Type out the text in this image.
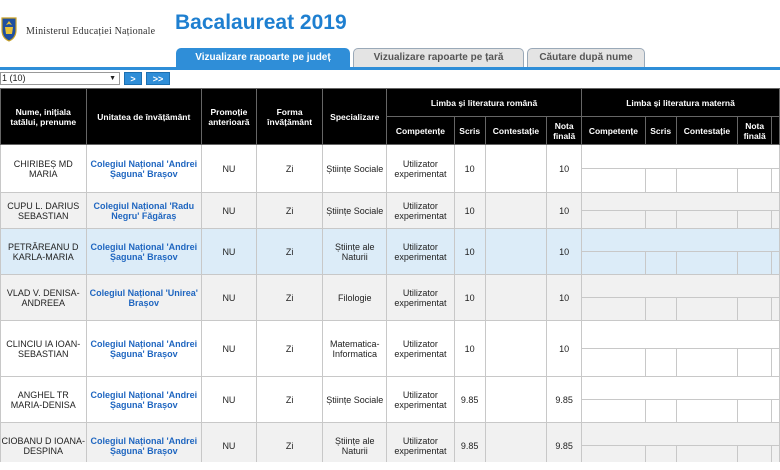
Ministerul Educației Naționale Bacalaureat 2019
Vizualizare rapoarte pe județ	Vizualizare rapoarte pe țară	Căutare după nume
1 (10)	▼	>	>>
Nume, inițiala tatălui, prenume	Unitatea de învățământ	Promoție anterioară	Forma învățământ	Specializare	Limba și literatura română				Limba și literatura maternă				
					Competențe	Scris	Contestație	Nota finală	Competențe	Scris	Contestație	Nota finală	
CHIRIBEȘ MD MARIA	Colegiul Național 'Andrei Șaguna' Brașov	NU	Zi	Științe Sociale	Utilizator experimentat	10		10					

CUPU L. DARIUS SEBASTIAN	Colegiul Național 'Radu Negru' Făgăraș	NU	Zi	Științe Sociale	Utilizator experimentat	10		10					

PETRĂREANU D KARLA-MARIA	Colegiul Național 'Andrei Șaguna' Brașov	NU	Zi	Științe ale Naturii	Utilizator experimentat	10		10					

VLAD V. DENISA-ANDREEA	Colegiul Național 'Unirea' Brașov	NU	Zi	Filologie	Utilizator experimentat	10		10					

CLINCIU IA IOAN-SEBASTIAN	Colegiul Național 'Andrei Șaguna' Brașov	NU	Zi	Matematica-Informatica	Utilizator experimentat	10		10					

ANGHEL TR MARIA-DENISA	Colegiul Național 'Andrei Șaguna' Brașov	NU	Zi	Științe Sociale	Utilizator experimentat	9.85		9.85					

CIOBANU D IOANA-DESPINA	Colegiul Național 'Andrei Șaguna' Brașov	NU	Zi	Științe ale Naturii	Utilizator experimentat	9.85		9.85					
